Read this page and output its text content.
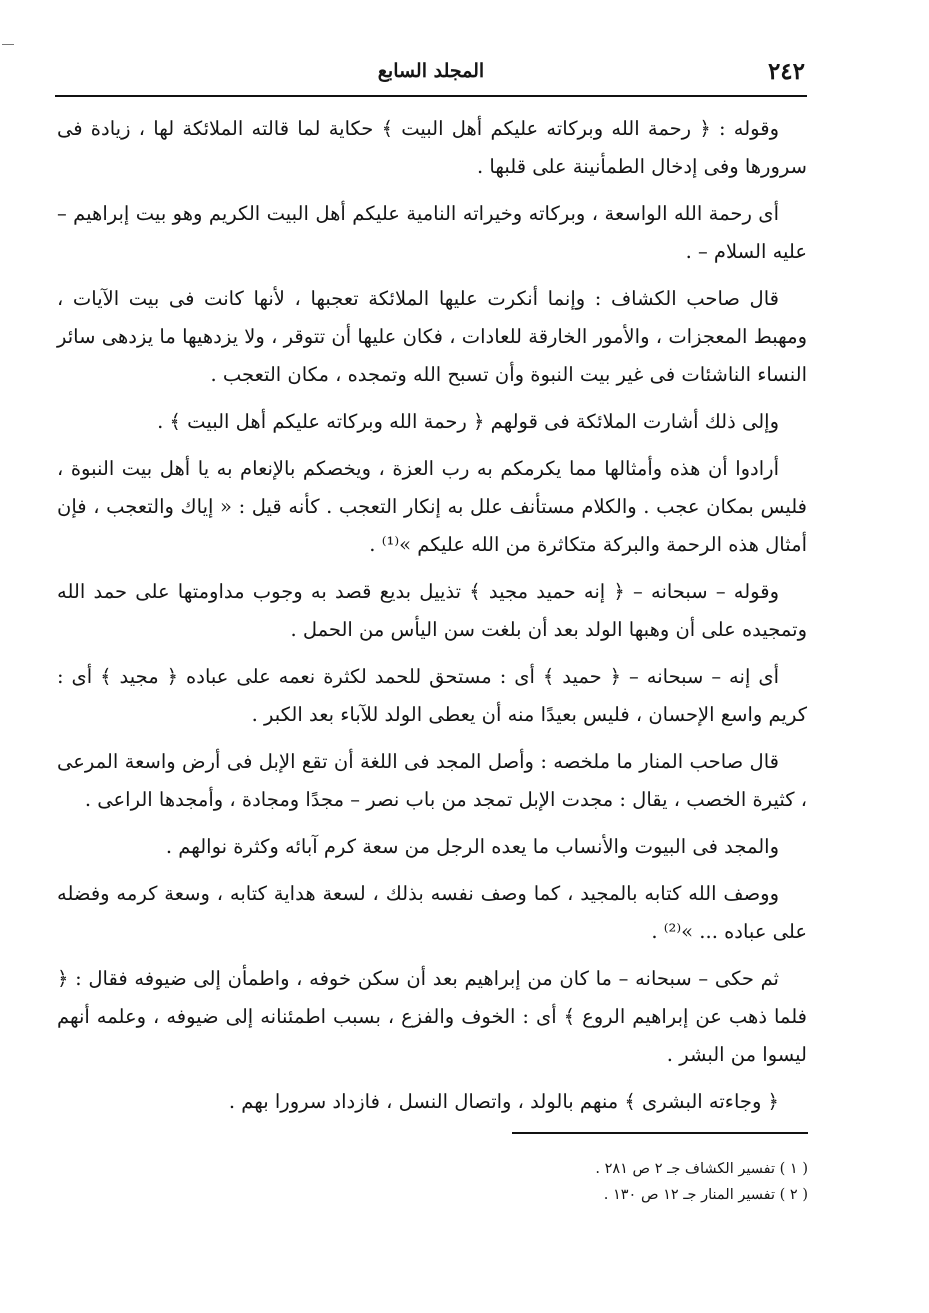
٢٤٢
المجلد السابع

وقوله : ﴿ رحمة الله وبركاته عليكم أهل البيت ﴾ حكاية لما قالته الملائكة لها ، زيادة فى سرورها وفى إدخال الطمأنينة على قلبها .

أى رحمة الله الواسعة ، وبركاته وخيراته النامية عليكم أهل البيت الكريم وهو بيت إبراهيم – عليه السلام – .

قال صاحب الكشاف : وإنما أنكرت عليها الملائكة تعجبها ، لأنها كانت فى بيت الآيات ، ومهبط المعجزات ، والأمور الخارقة للعادات ، فكان عليها أن تتوقر ، ولا يزدهيها ما يزدهى سائر النساء الناشئات فى غير بيت النبوة وأن تسبح الله وتمجده ، مكان التعجب .

وإلى ذلك أشارت الملائكة فى قولهم ﴿ رحمة الله وبركاته عليكم أهل البيت ﴾ .

أرادوا أن هذه وأمثالها مما يكرمكم به رب العزة ، ويخصكم بالإنعام به يا أهل بيت النبوة ، فليس بمكان عجب . والكلام مستأنف علل به إنكار التعجب . كأنه قيل : « إياك والتعجب ، فإن أمثال هذه الرحمة والبركة متكاثرة من الله عليكم »⁽¹⁾ .

وقوله – سبحانه – ﴿ إنه حميد مجيد ﴾ تذييل بديع قصد به وجوب مداومتها على حمد الله وتمجيده على أن وهبها الولد بعد أن بلغت سن اليأس من الحمل .

أى إنه – سبحانه – ﴿ حميد ﴾ أى : مستحق للحمد لكثرة نعمه على عباده ﴿ مجيد ﴾ أى : كريم واسع الإحسان ، فليس بعيدًا منه أن يعطى الولد للآباء بعد الكبر .

قال صاحب المنار ما ملخصه : وأصل المجد فى اللغة أن تقع الإبل فى أرض واسعة المرعى ، كثيرة الخصب ، يقال : مجدت الإبل تمجد من باب نصر – مجدًا ومجادة ، وأمجدها الراعى .

والمجد فى البيوت والأنساب ما يعده الرجل من سعة كرم آبائه وكثرة نوالهم .

ووصف الله كتابه بالمجيد ، كما وصف نفسه بذلك ، لسعة هداية كتابه ، وسعة كرمه وفضله على عباده ... »⁽²⁾ .

ثم حكى – سبحانه – ما كان من إبراهيم بعد أن سكن خوفه ، واطمأن إلى ضيوفه فقال : ﴿ فلما ذهب عن إبراهيم الروع ﴾ أى : الخوف والفزع ، بسبب اطمئنانه إلى ضيوفه ، وعلمه أنهم ليسوا من البشر .

﴿ وجاءته البشرى ﴾ منهم بالولد ، واتصال النسل ، فازداد سرورا بهم .

( ١ ) تفسير الكشاف جـ ٢ ص ٢٨١ .

( ٢ ) تفسير المنار جـ ١٢ ص ١٣٠ .
